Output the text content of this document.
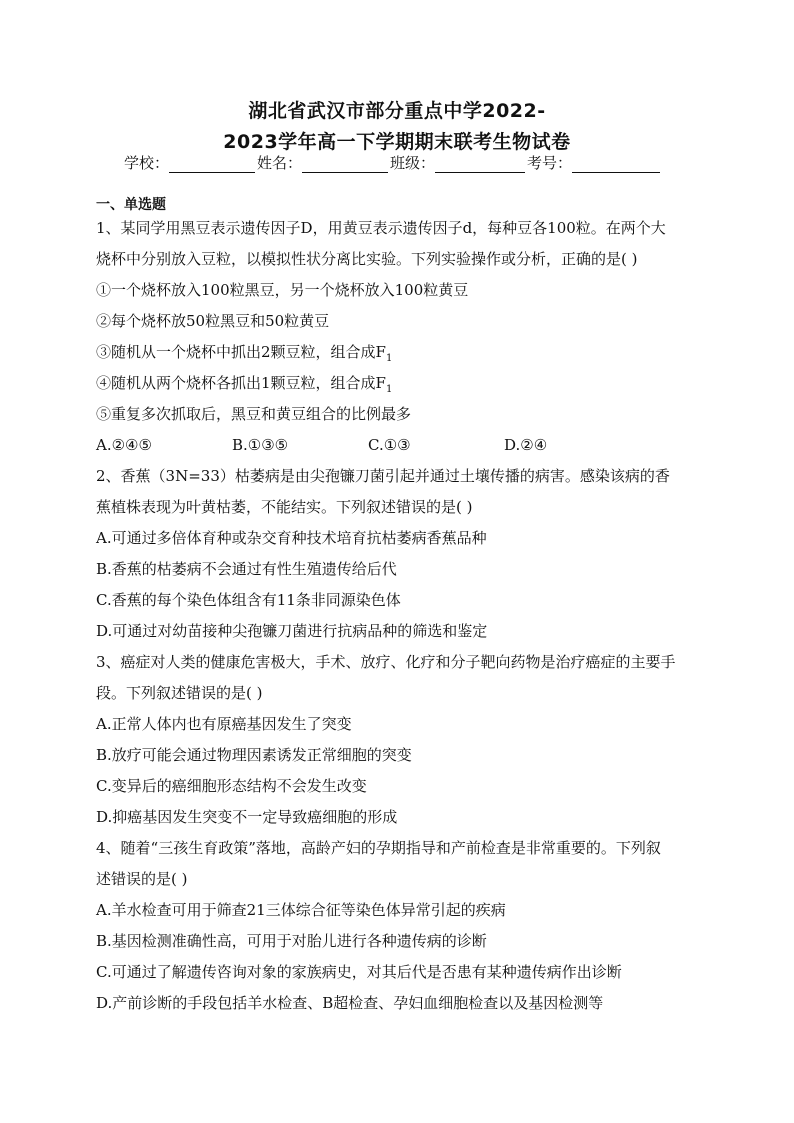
湖北省武汉市部分重点中学2022-
2023学年高一下学期期末联考生物试卷
学校：	姓名：	班级：	考号：
一、单选题
1、某同学用黑豆表示遗传因子D，用黄豆表示遗传因子d，每种豆各100粒。在两个大
烧杯中分别放入豆粒，以模拟性状分离比实验。下列实验操作或分析，正确的是( )
①一个烧杯放入100粒黑豆，另一个烧杯放入100粒黄豆
②每个烧杯放50粒黑豆和50粒黄豆
③随机从一个烧杯中抓出2颗豆粒，组合成$F_1$
④随机从两个烧杯各抓出1颗豆粒，组合成$F_1$
⑤重复多次抓取后，黑豆和黄豆组合的比例最多
A.②④⑤	B.①③⑤	C.①③	D.②④
2、香蕉（3N=33）枯萎病是由尖孢镰刀菌引起并通过土壤传播的病害。感染该病的香
蕉植株表现为叶黄枯萎，不能结实。下列叙述错误的是( )
A.可通过多倍体育种或杂交育种技术培育抗枯萎病香蕉品种
B.香蕉的枯萎病不会通过有性生殖遗传给后代
C.香蕉的每个染色体组含有11条非同源染色体
D.可通过对幼苗接种尖孢镰刀菌进行抗病品种的筛选和鉴定
3、癌症对人类的健康危害极大，手术、放疗、化疗和分子靶向药物是治疗癌症的主要手
段。下列叙述错误的是( )
A.正常人体内也有原癌基因发生了突变
B.放疗可能会通过物理因素诱发正常细胞的突变
C.变异后的癌细胞形态结构不会发生改变
D.抑癌基因发生突变不一定导致癌细胞的形成
4、随着“三孩生育政策”落地，高龄产妇的孕期指导和产前检查是非常重要的。下列叙
述错误的是( )
A.羊水检查可用于筛查21三体综合征等染色体异常引起的疾病
B.基因检测准确性高，可用于对胎儿进行各种遗传病的诊断
C.可通过了解遗传咨询对象的家族病史，对其后代是否患有某种遗传病作出诊断
D.产前诊断的手段包括羊水检查、B超检查、孕妇血细胞检查以及基因检测等
